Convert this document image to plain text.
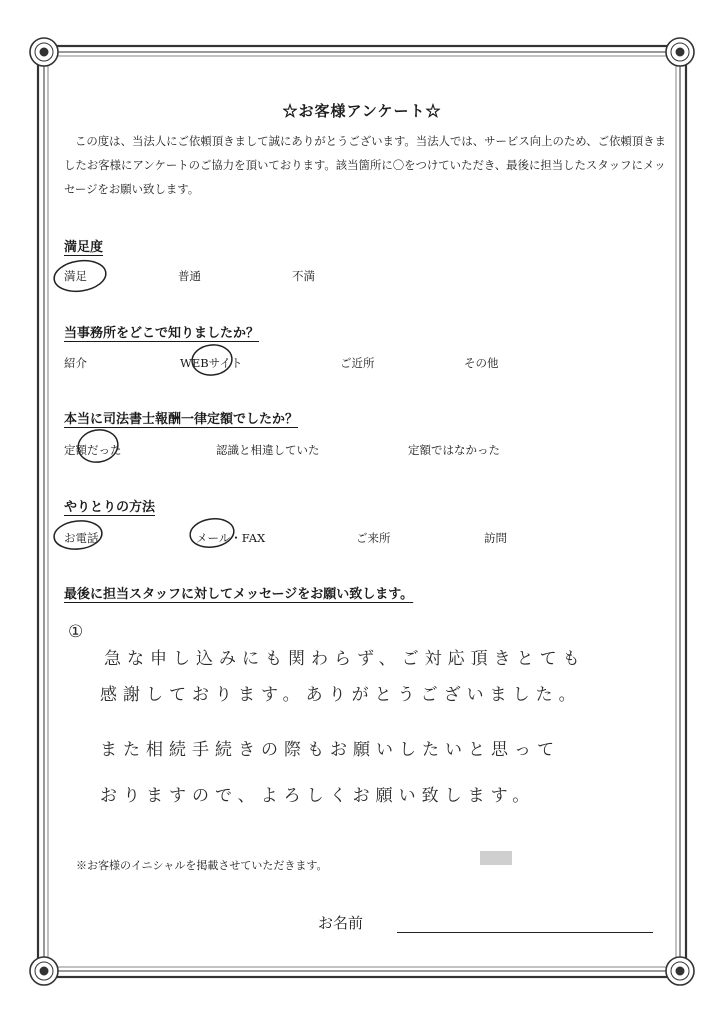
☆お客様アンケート☆
この度は、当法人にご依頼頂きまして誠にありがとうございます。当法人では、サービス向上のため、ご依頼頂きましたお客様にアンケートのご協力を頂いております。該当箇所に〇をつけていただき、最後に担当したスタッフにメッセージをお願い致します。
満足度
満足	普通	不満
当事務所をどこで知りましたか？
紹介	WEBサイト	ご近所	その他
本当に司法書士報酬一律定額でしたか？
定額だった	認識と相違していた	定額ではなかった
やりとりの方法
お電話	メール・FAX	ご来所	訪問
最後に担当スタッフに対してメッセージをお願い致します。
①
急な申し込みにも関わらず、ご対応頂きとても
感謝しております。ありがとうございました。
また相続手続きの際もお願いしたいと思って
おりますので、よろしくお願い致します。
※お客様のイニシャルを掲載させていただきます。
お名前
